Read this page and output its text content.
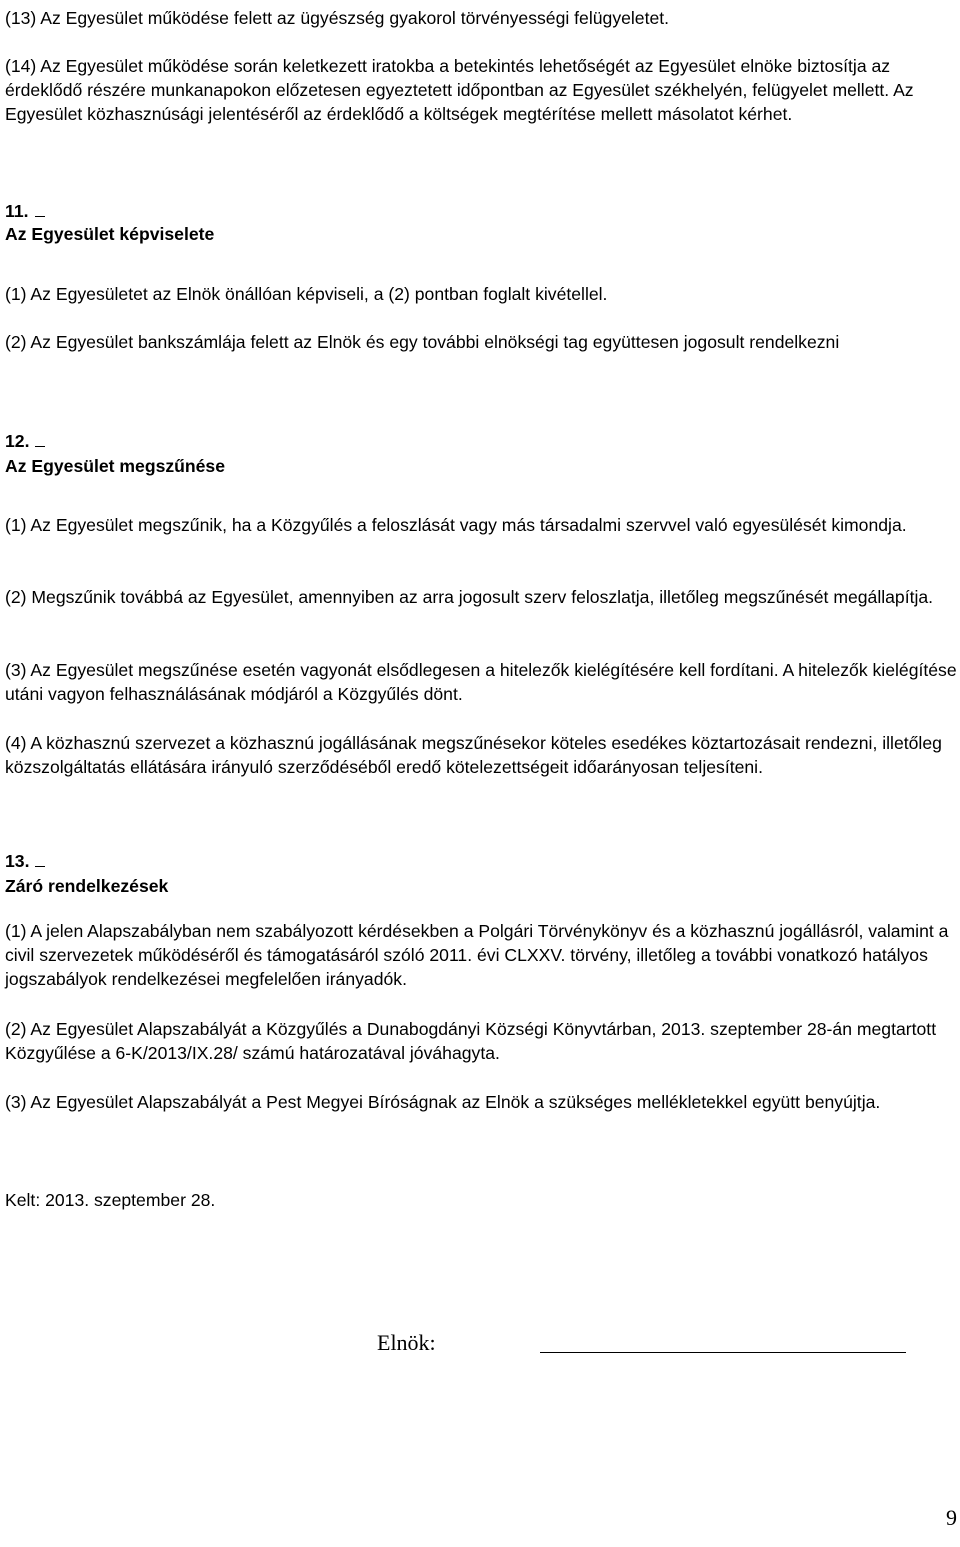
(13) Az Egyesület működése felett az ügyészség gyakorol törvényességi felügyeletet.

(14) Az Egyesület működése során keletkezett iratokba a betekintés lehetőségét az Egyesület elnöke biztosítja az érdeklődő részére munkanapokon előzetesen egyeztetett időpontban az Egyesület székhelyén, felügyelet mellett. Az Egyesület közhasznúsági jelentéséről az érdeklődő a költségek megtérítése mellett másolatot kérhet.

11.

Az Egyesület képviselete

(1) Az Egyesületet az Elnök önállóan képviseli, a (2) pontban foglalt kivétellel.

(2) Az Egyesület bankszámlája felett az Elnök és egy további elnökségi tag együttesen jogosult rendelkezni

12.

Az Egyesület megszűnése

(1) Az Egyesület megszűnik, ha a Közgyűlés a feloszlását vagy más társadalmi szervvel való egyesülését kimondja.

(2) Megszűnik továbbá az Egyesület, amennyiben az arra jogosult szerv feloszlatja, illetőleg megszűnését megállapítja.

(3) Az Egyesület megszűnése esetén vagyonát elsődlegesen a hitelezők kielégítésére kell fordítani. A hitelezők kielégítése utáni vagyon felhasználásának módjáról a Közgyűlés dönt.

(4) A közhasznú szervezet a közhasznú jogállásának megszűnésekor köteles esedékes köztartozásait rendezni, illetőleg közszolgáltatás ellátására irányuló szerződéséből eredő kötelezettségeit időarányosan teljesíteni.

13.

Záró rendelkezések

(1) A jelen Alapszabályban nem szabályozott kérdésekben a Polgári Törvénykönyv és a közhasznú jogállásról, valamint a civil szervezetek működéséről és támogatásáról szóló 2011. évi CLXXV. törvény, illetőleg a további vonatkozó hatályos jogszabályok rendelkezései megfelelően irányadók.

(2) Az Egyesület Alapszabályát a Közgyűlés a Dunabogdányi Községi Könyvtárban, 2013. szeptember 28-án megtartott Közgyűlése a 6-K/2013/IX.28/ számú határozatával jóváhagyta.

(3) Az Egyesület Alapszabályát a Pest Megyei Bíróságnak az Elnök a szükséges mellékletekkel együtt benyújtja.

Kelt: 2013. szeptember 28.

Elnök:
9
